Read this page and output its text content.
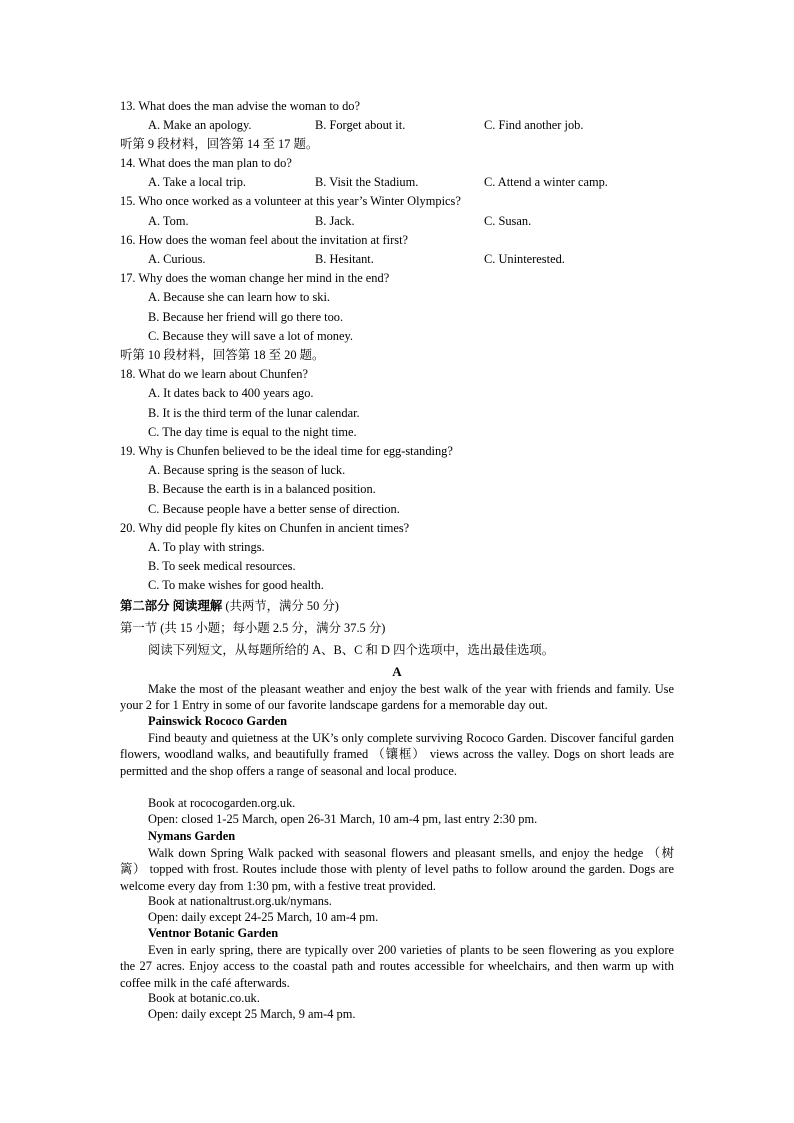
13. What does the man advise the woman to do?
A. Make an apology.	B. Forget about it.	C. Find another job.
听第 9 段材料，回答第 14 至 17 题。
14. What does the man plan to do?
A. Take a local trip.	B. Visit the Stadium.	C. Attend a winter camp.
15. Who once worked as a volunteer at this year’s Winter Olympics?
A. Tom.	B. Jack.	C. Susan.
16. How does the woman feel about the invitation at first?
A. Curious.	B. Hesitant.	C. Uninterested.
17. Why does the woman change her mind in the end?
A. Because she can learn how to ski.
B. Because her friend will go there too.
C. Because they will save a lot of money.
听第 10 段材料，回答第 18 至 20 题。
18. What do we learn about Chunfen?
A. It dates back to 400 years ago.
B. It is the third term of the lunar calendar.
C. The day time is equal to the night time.
19. Why is Chunfen believed to be the ideal time for egg-standing?
A. Because spring is the season of luck.
B. Because the earth is in a balanced position.
C. Because people have a better sense of direction.
20. Why did people fly kites on Chunfen in ancient times?
A. To play with strings.
B. To seek medical resources.
C. To make wishes for good health.
第二部分 阅读理解 (共两节，满分 50 分)
第一节 (共 15 小题；每小题 2.5 分，满分 37.5 分)
阅读下列短文，从每题所给的 A、B、C 和 D 四个选项中，选出最佳选项。
A
Make the most of the pleasant weather and enjoy the best walk of the year with friends and family. Use your 2 for 1 Entry in some of our favorite landscape gardens for a memorable day out.
Painswick Rococo Garden
Find beauty and quietness at the UK’s only complete surviving Rococo Garden. Discover fanciful garden flowers, woodland walks, and beautifully framed （镶框） views across the valley. Dogs on short leads are permitted and the shop offers a range of seasonal and local produce.
Book at rococogarden.org.uk.
Open: closed 1-25 March, open 26-31 March, 10 am-4 pm, last entry 2:30 pm.
Nymans Garden
Walk down Spring Walk packed with seasonal flowers and pleasant smells, and enjoy the hedge （树篱） topped with frost. Routes include those with plenty of level paths to follow around the garden. Dogs are welcome every day from 1:30 pm, with a festive treat provided.
Book at nationaltrust.org.uk/nymans.
Open: daily except 24-25 March, 10 am-4 pm.
Ventnor Botanic Garden
Even in early spring, there are typically over 200 varieties of plants to be seen flowering as you explore the 27 acres. Enjoy access to the coastal path and routes accessible for wheelchairs, and then warm up with coffee milk in the café afterwards.
Book at botanic.co.uk.
Open: daily except 25 March, 9 am-4 pm.
